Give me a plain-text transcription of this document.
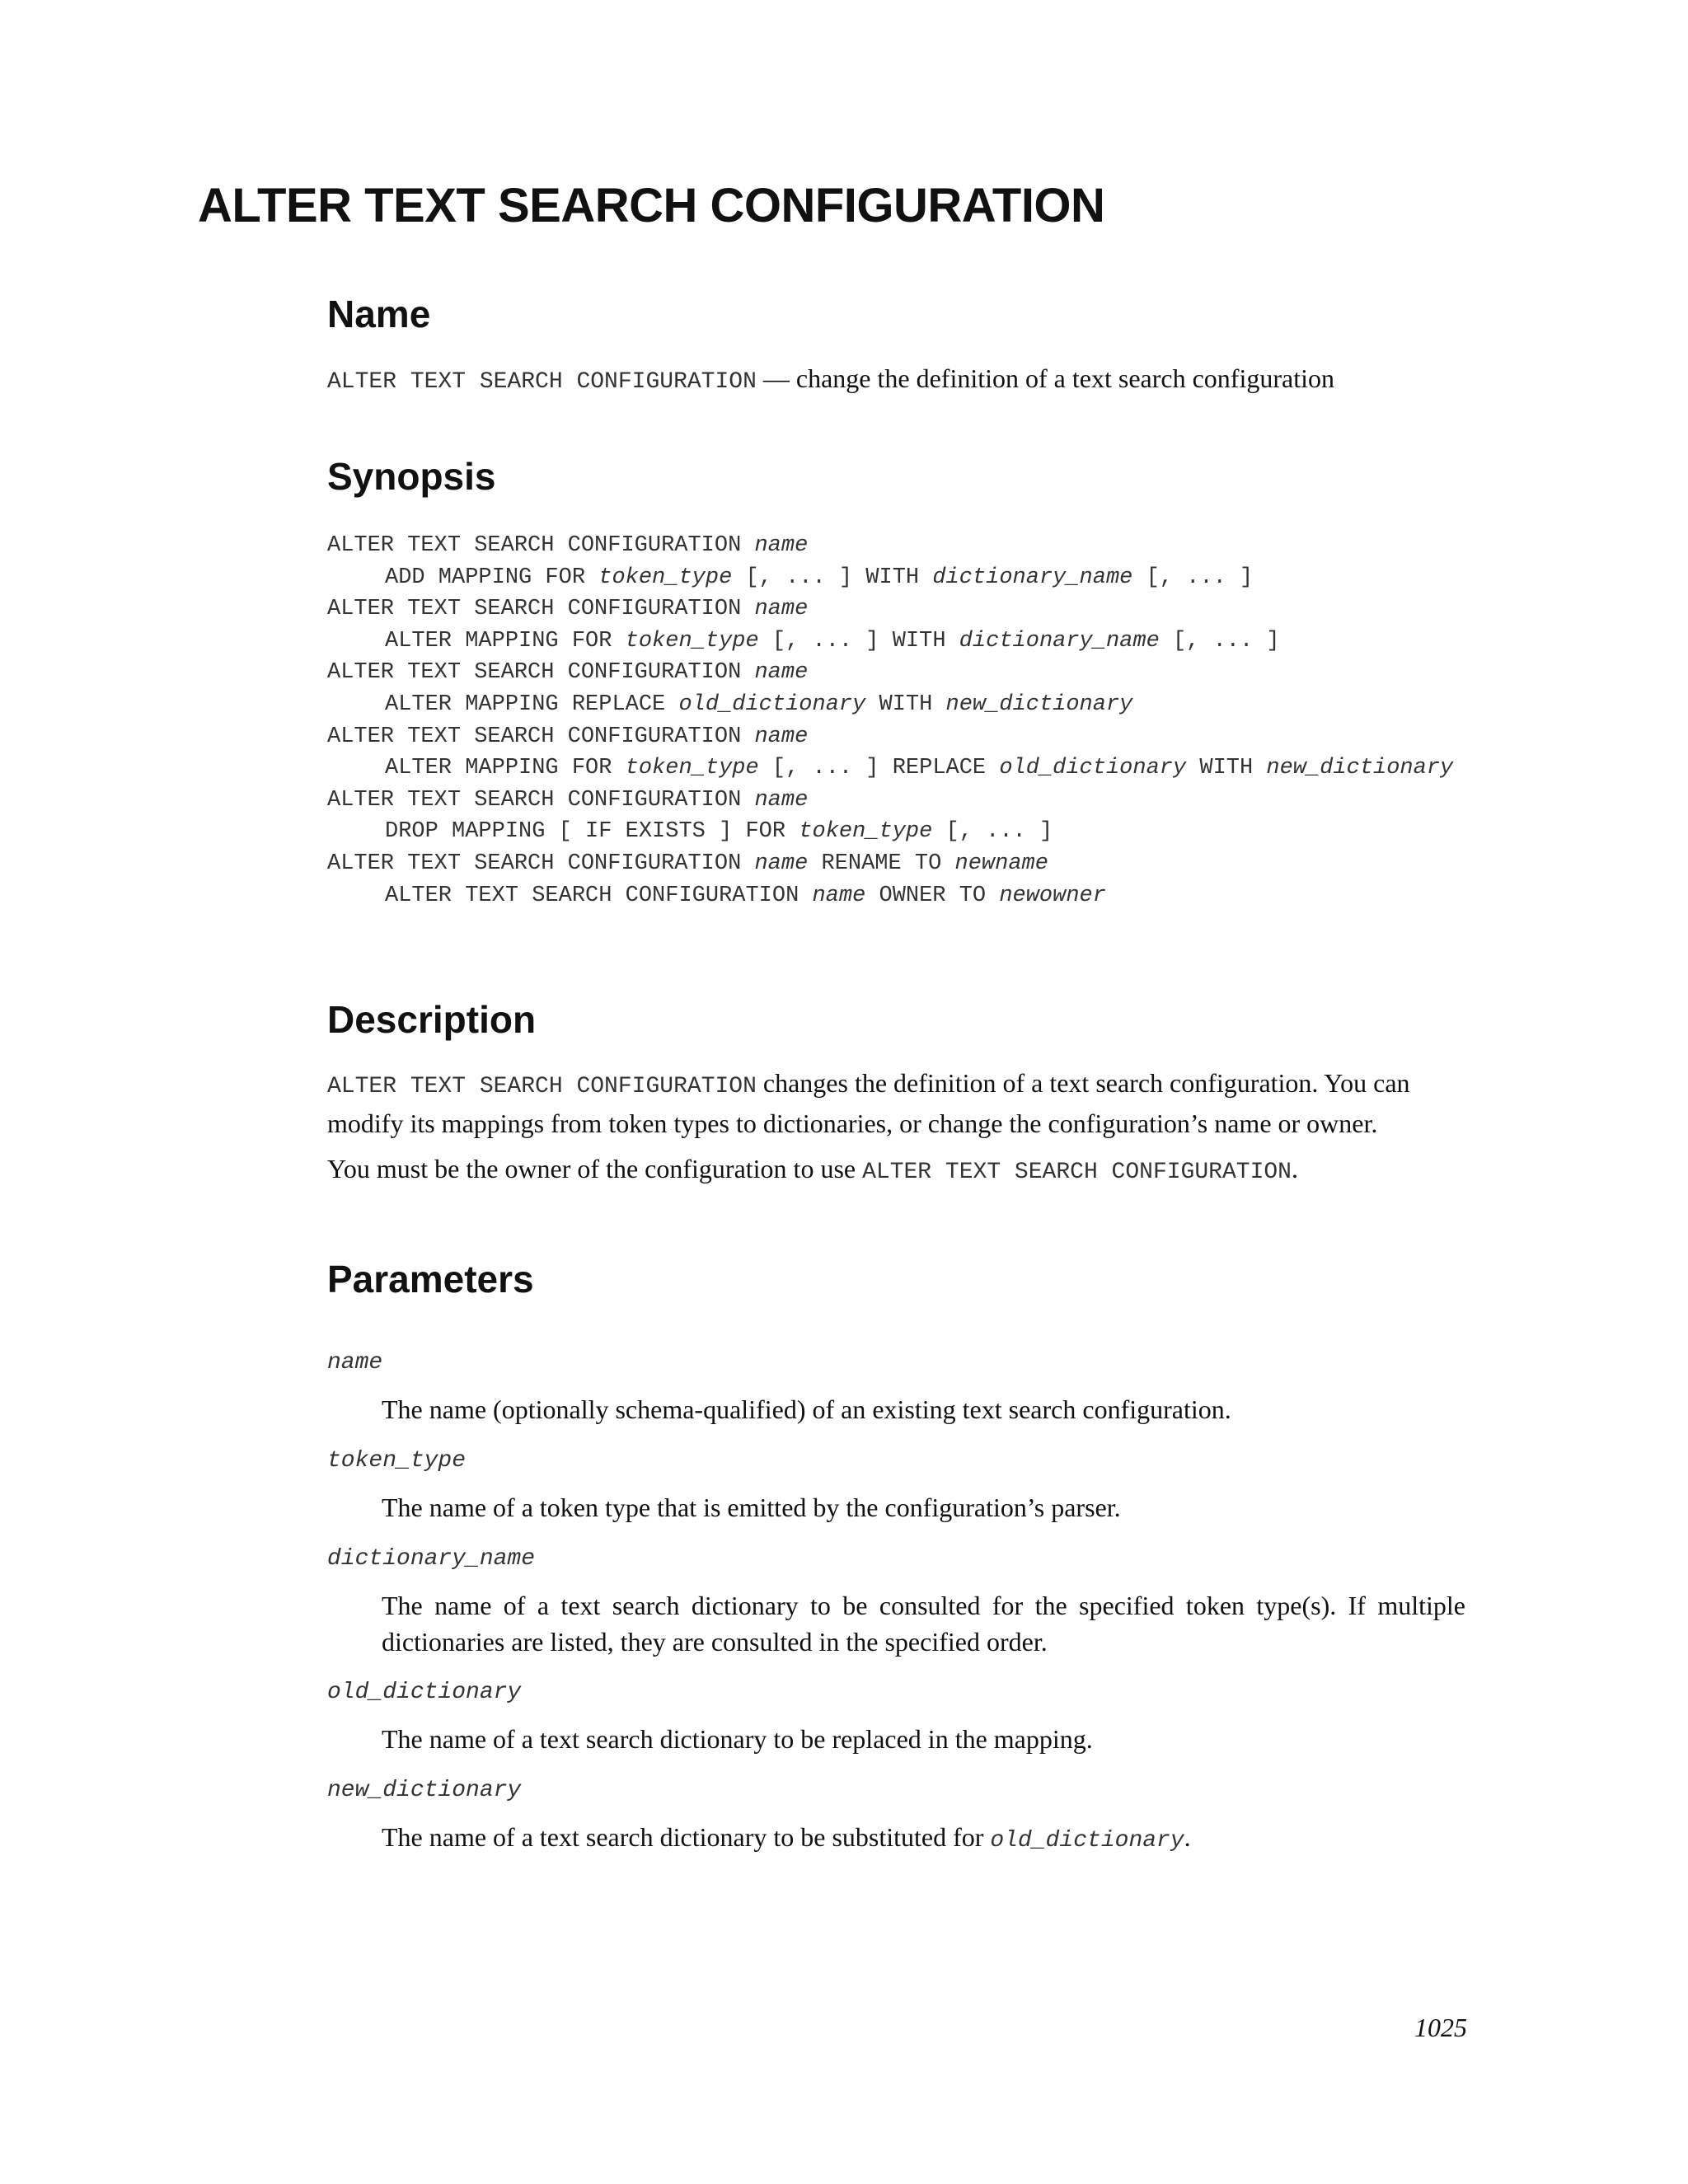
ALTER TEXT SEARCH CONFIGURATION
Name

ALTER TEXT SEARCH CONFIGURATION — change the definition of a text search configuration

Synopsis
ALTER TEXT SEARCH CONFIGURATION name
ADD MAPPING FOR token_type [, ... ] WITH dictionary_name [, ... ]
ALTER TEXT SEARCH CONFIGURATION name
ALTER MAPPING FOR token_type [, ... ] WITH dictionary_name [, ... ]
ALTER TEXT SEARCH CONFIGURATION name
ALTER MAPPING REPLACE old_dictionary WITH new_dictionary
ALTER TEXT SEARCH CONFIGURATION name
ALTER MAPPING FOR token_type [, ... ] REPLACE old_dictionary WITH new_dictionary
ALTER TEXT SEARCH CONFIGURATION name
DROP MAPPING [ IF EXISTS ] FOR token_type [, ... ]
ALTER TEXT SEARCH CONFIGURATION name RENAME TO newname
ALTER TEXT SEARCH CONFIGURATION name OWNER TO newowner
Description

ALTER TEXT SEARCH CONFIGURATION changes the definition of a text search configuration. You can modify its mappings from token types to dictionaries, or change the configuration’s name or owner.

You must be the owner of the configuration to use ALTER TEXT SEARCH CONFIGURATION.

Parameters

name

The name (optionally schema-qualified) of an existing text search configuration.

token_type

The name of a token type that is emitted by the configuration’s parser.

dictionary_name

The name of a text search dictionary to be consulted for the specified token type(s). If multiple dictionaries are listed, they are consulted in the specified order.

old_dictionary

The name of a text search dictionary to be replaced in the mapping.

new_dictionary

The name of a text search dictionary to be substituted for old_dictionary.

1025
